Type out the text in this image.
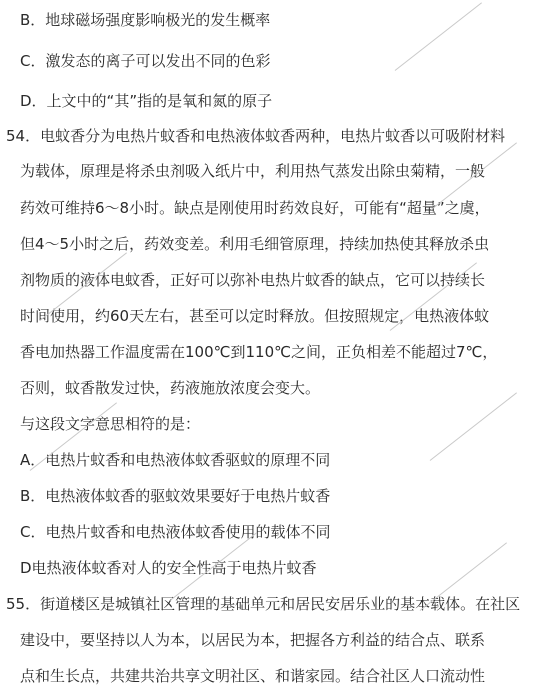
B．地球磁场强度影响极光的发生概率
C．激发态的离子可以发出不同的色彩
D．上文中的“其”指的是氧和氮的原子
54．电蚊香分为电热片蚊香和电热液体蚊香两种，电热片蚊香以可吸附材料
为载体，原理是将杀虫剂吸入纸片中，利用热气蒸发出除虫菊精，一般
药效可维持6～8小时。缺点是刚使用时药效良好，可能有“超量”之虞，
但4～5小时之后，药效变差。利用毛细管原理，持续加热使其释放杀虫
剂物质的液体电蚊香，正好可以弥补电热片蚊香的缺点，它可以持续长
时间使用，约60天左右，甚至可以定时释放。但按照规定，电热液体蚊
香电加热器工作温度需在100℃到110℃之间，正负相差不能超过7℃，
否则，蚊香散发过快，药液施放浓度会变大。
与这段文字意思相符的是：
A．电热片蚊香和电热液体蚊香驱蚊的原理不同
B．电热液体蚊香的驱蚊效果要好于电热片蚊香
C．电热片蚊香和电热液体蚊香使用的载体不同
D电热液体蚊香对人的安全性高于电热片蚊香
55．街道楼区是城镇社区管理的基础单元和居民安居乐业的基本载体。在社区
建设中，要坚持以人为本，以居民为本，把握各方利益的结合点、联系
点和生长点，共建共治共享文明社区、和谐家园。结合社区人口流动性
